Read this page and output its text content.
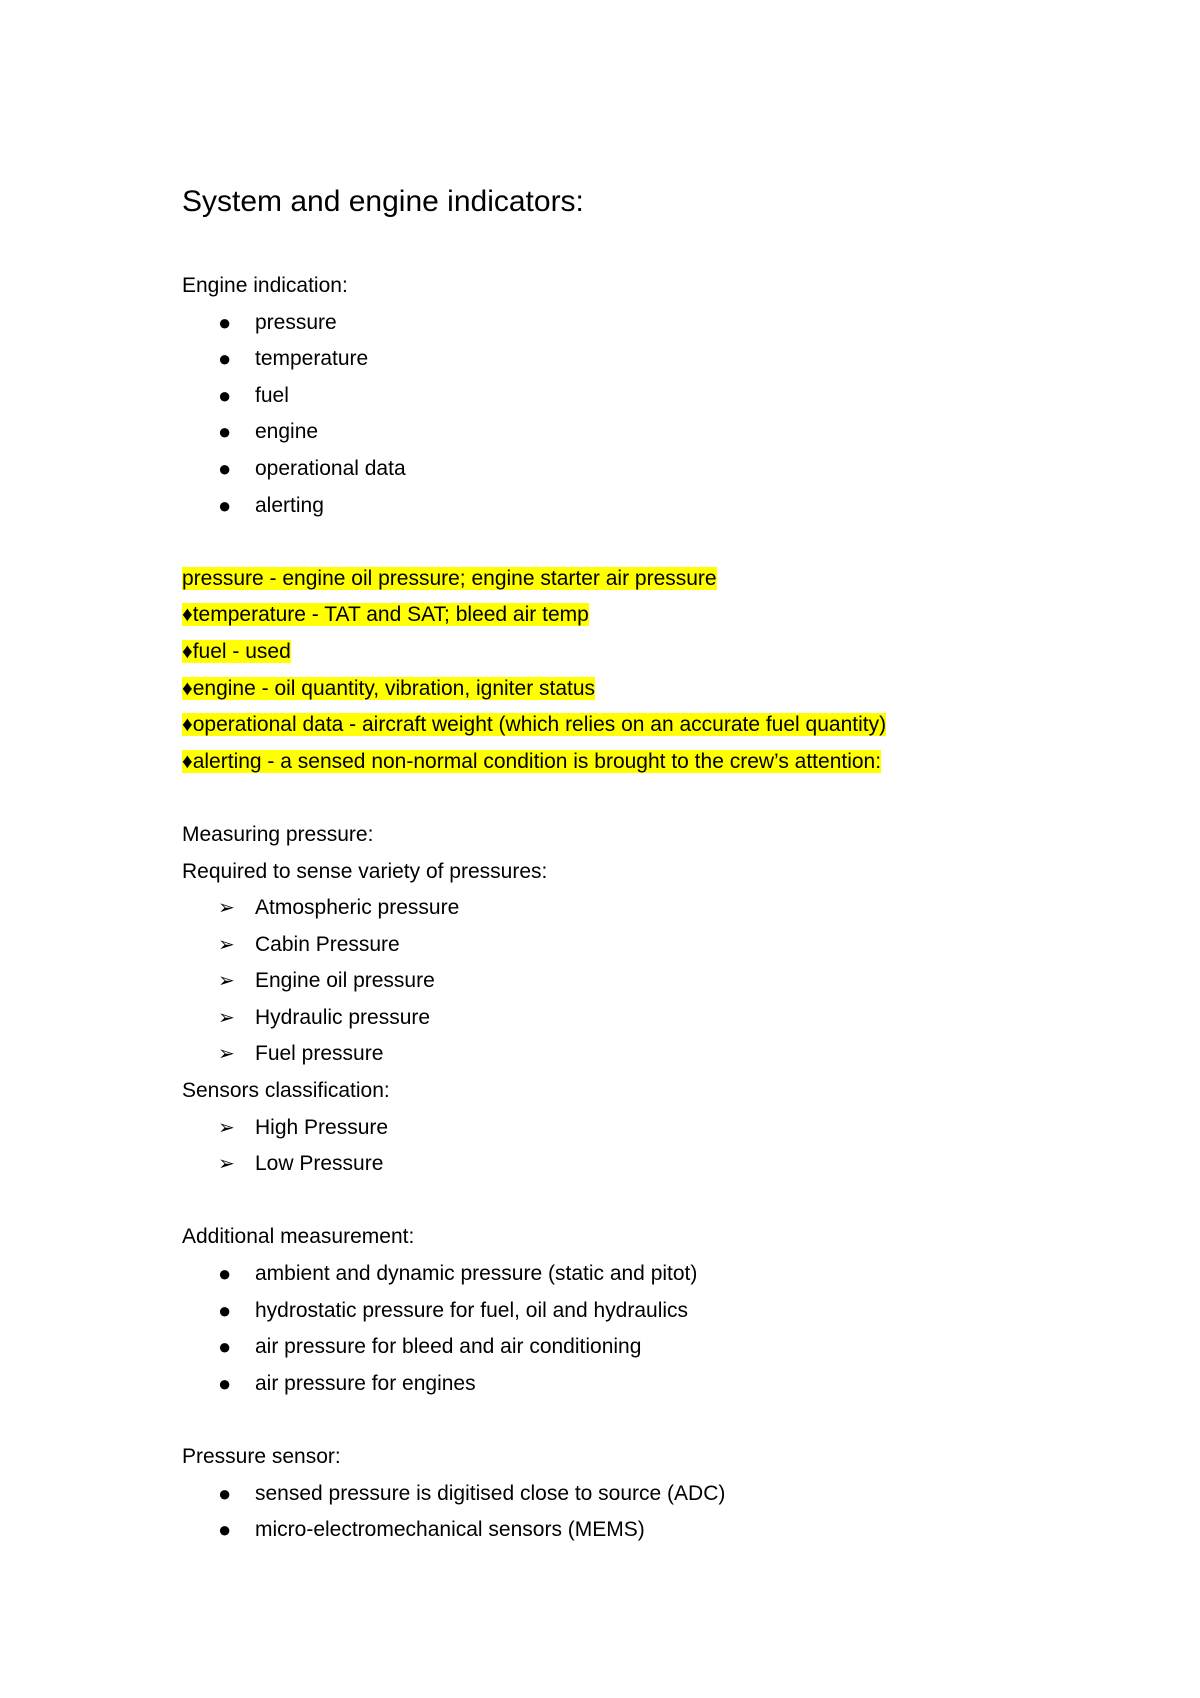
System and engine indicators:
Engine indication:
●	pressure
●	temperature
●	fuel
●	engine
●	operational data
●	alerting
pressure - engine oil pressure; engine starter air pressure
♦temperature - TAT and SAT; bleed air temp
♦fuel - used
♦engine - oil quantity, vibration, igniter status
♦operational data - aircraft weight (which relies on an accurate fuel quantity)
♦alerting - a sensed non-normal condition is brought to the crew’s attention:
Measuring pressure:
Required to sense variety of pressures:
➢ Atmospheric pressure
➢ Cabin Pressure
➢ Engine oil pressure
➢ Hydraulic pressure
➢ Fuel pressure
Sensors classification:
➢ High Pressure
➢ Low Pressure
Additional measurement:
●	ambient and dynamic pressure (static and pitot)
●	hydrostatic pressure for fuel, oil and hydraulics
●	air pressure for bleed and air conditioning
●	air pressure for engines
Pressure sensor:
●	sensed pressure is digitised close to source (ADC)
●	micro-electromechanical sensors (MEMS)
